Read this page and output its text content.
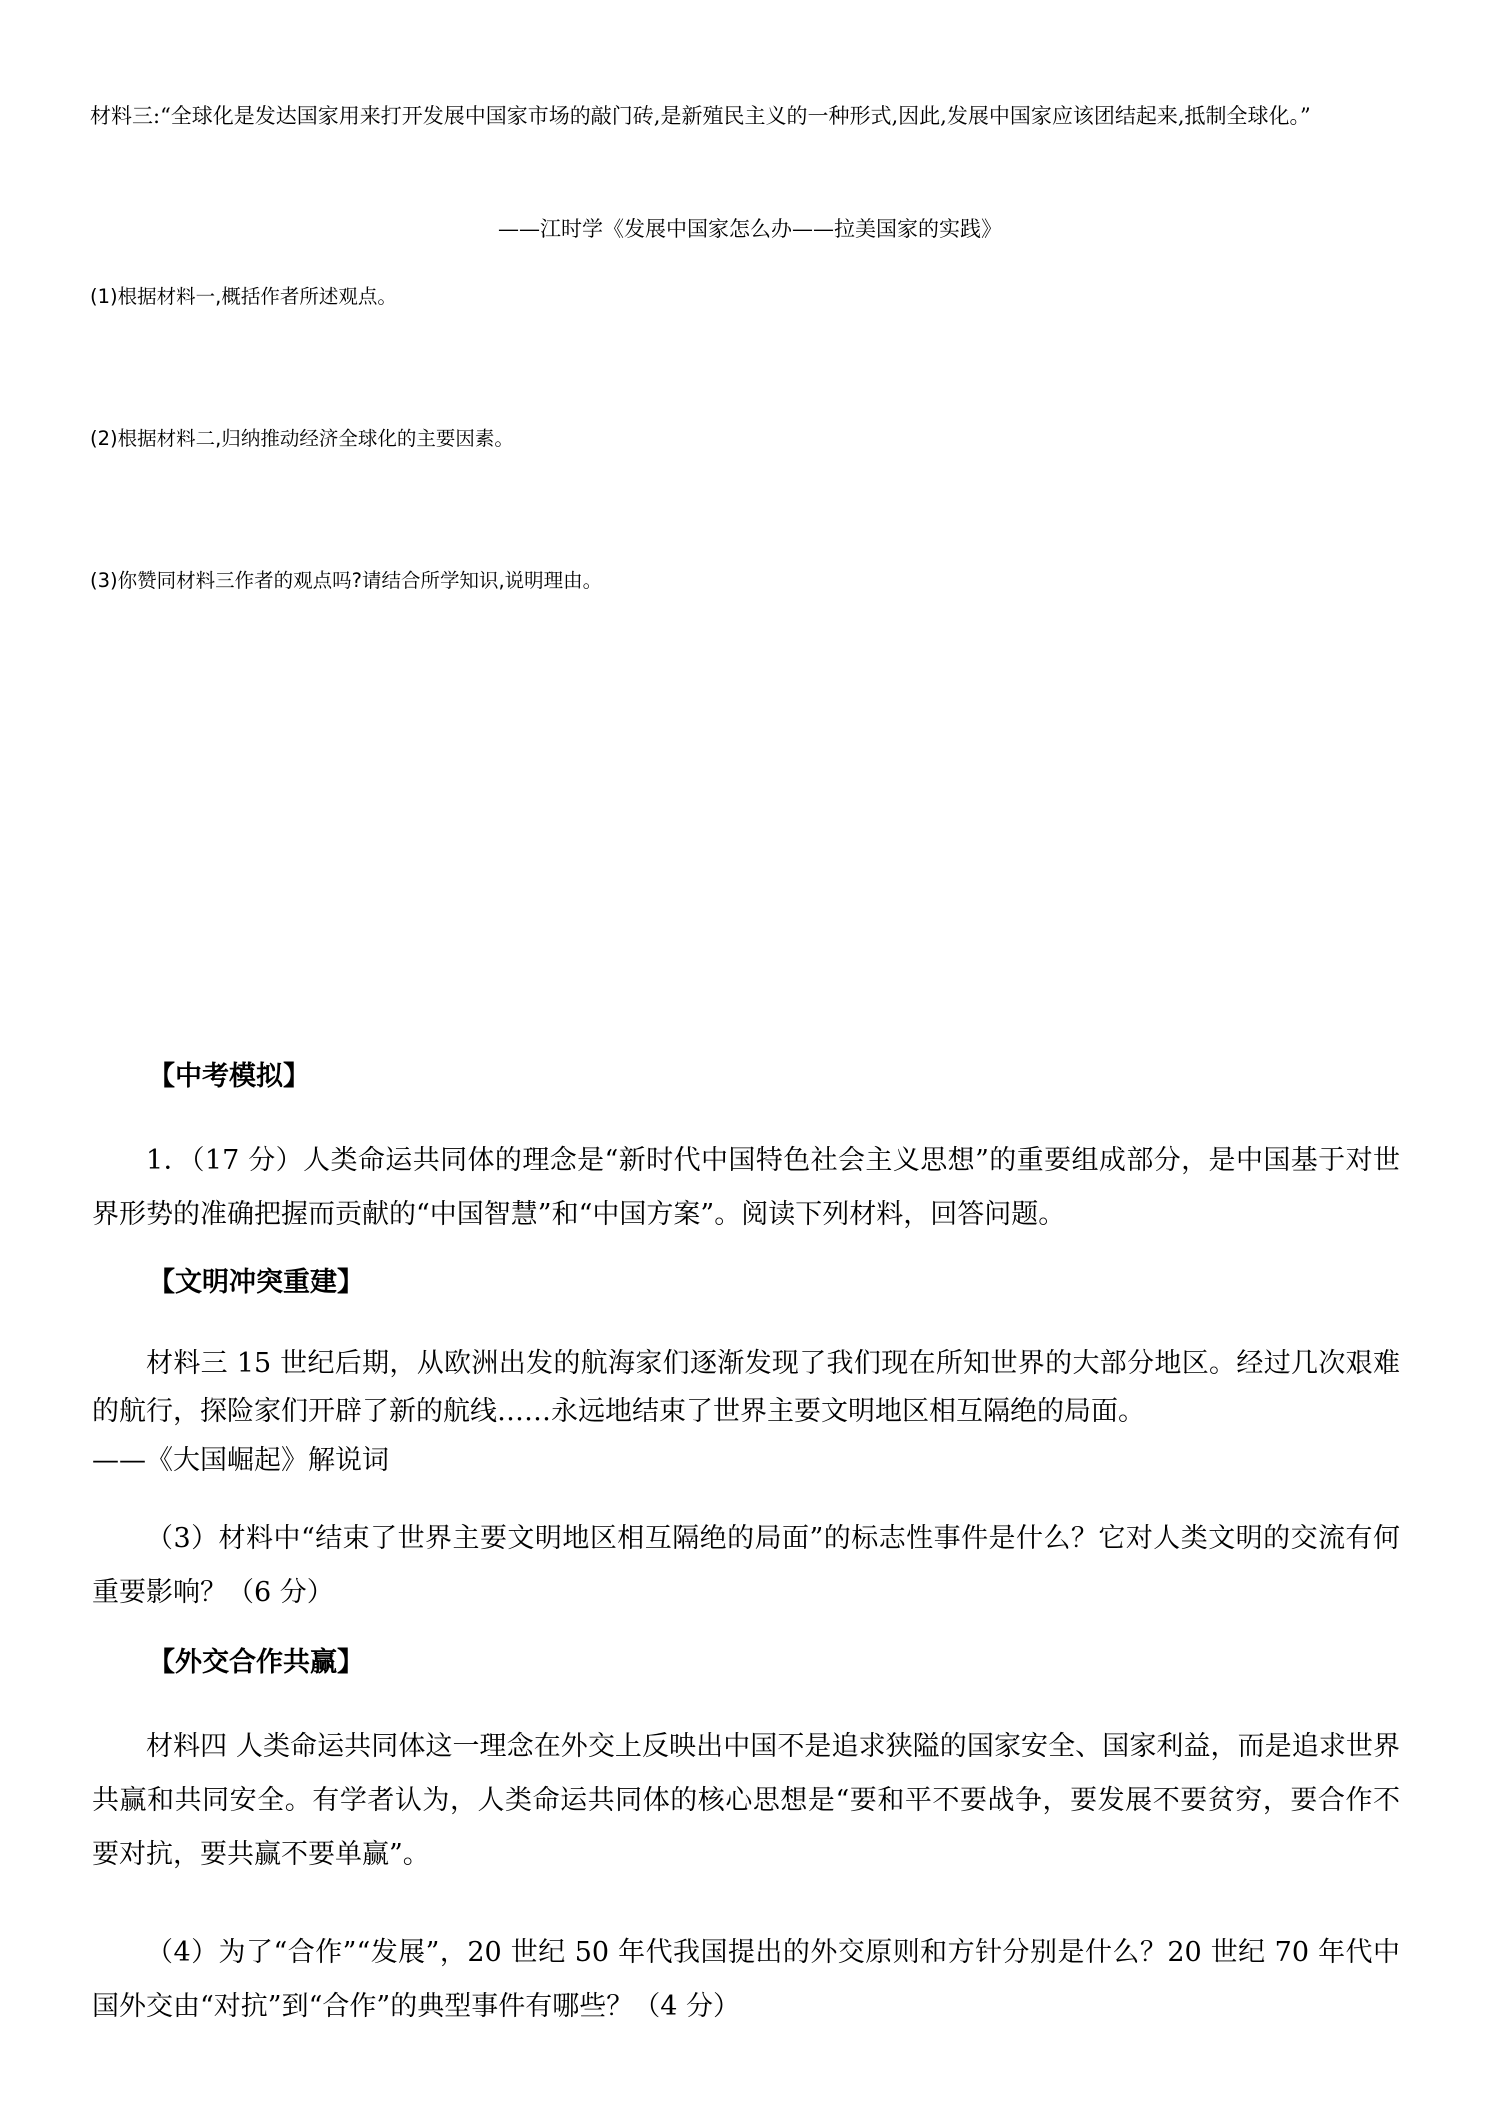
材料三:“全球化是发达国家用来打开发展中国家市场的敲门砖,是新殖民主义的一种形式,因此,发展中国家应该团结起来,抵制全球化。”

——江时学《发展中国家怎么办——拉美国家的实践》

(1)根据材料一,概括作者所述观点。

(2)根据材料二,归纳推动经济全球化的主要因素。

(3)你赞同材料三作者的观点吗?请结合所学知识,说明理由。

【中考模拟】

1．（17 分）人类命运共同体的理念是“新时代中国特色社会主义思想”的重要组成部分，是中国基于对世界形势的准确把握而贡献的“中国智慧”和“中国方案”。阅读下列材料，回答问题。

【文明冲突重建】

材料三 15 世纪后期，从欧洲出发的航海家们逐渐发现了我们现在所知世界的大部分地区。经过几次艰难的航行，探险家们开辟了新的航线……永远地结束了世界主要文明地区相互隔绝的局面。

——《大国崛起》解说词

（3）材料中“结束了世界主要文明地区相互隔绝的局面”的标志性事件是什么？它对人类文明的交流有何重要影响？（6 分）

【外交合作共赢】

材料四 人类命运共同体这一理念在外交上反映出中国不是追求狭隘的国家安全、国家利益，而是追求世界共赢和共同安全。有学者认为，人类命运共同体的核心思想是“要和平不要战争，要发展不要贫穷，要合作不要对抗，要共赢不要单赢”。

（4）为了“合作”“发展”，20 世纪 50 年代我国提出的外交原则和方针分别是什么？20 世纪 70 年代中国外交由“对抗”到“合作”的典型事件有哪些？（4 分）
